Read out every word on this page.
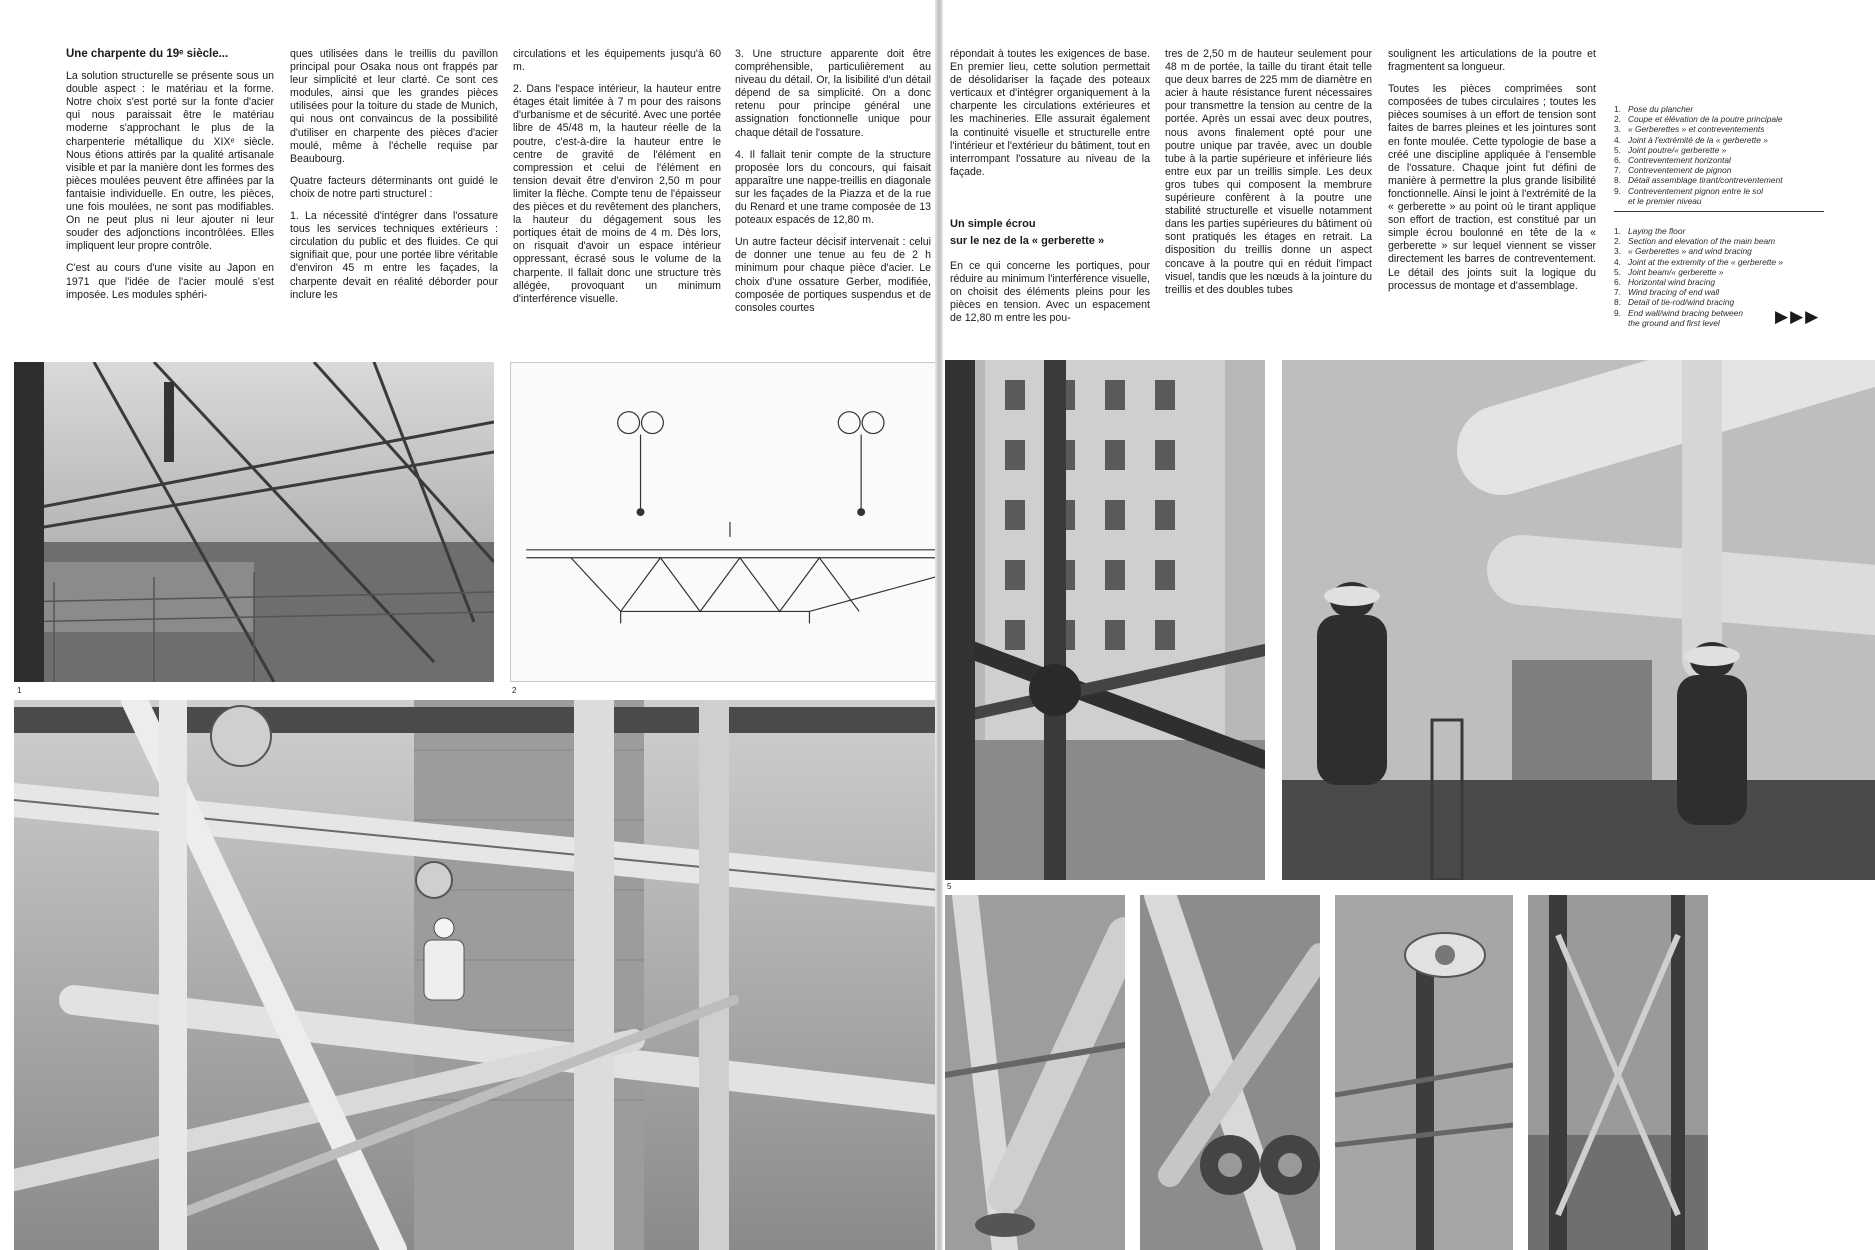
Une charpente du 19ᵉ siècle...

La solution structurelle se présente sous un double aspect : le matériau et la forme. Notre choix s'est porté sur la fonte d'acier qui nous paraissait être le matériau moderne s'approchant le plus de la charpenterie métallique du XIXᵉ siècle. Nous étions attirés par la qualité artisanale visible et par la manière dont les formes des pièces moulées peuvent être affinées par la fantaisie individuelle. En outre, les pièces, une fois moulées, ne sont pas modifiables. On ne peut plus ni leur ajouter ni leur souder des adjonctions incontrôlées. Elles impliquent leur propre contrôle.

C'est au cours d'une visite au Japon en 1971 que l'idée de l'acier moulé s'est imposée. Les modules sphéri-

ques utilisées dans le treillis du pavillon principal pour Osaka nous ont frappés par leur simplicité et leur clarté. Ce sont ces modules, ainsi que les grandes pièces utilisées pour la toiture du stade de Munich, qui nous ont convaincus de la possibilité d'utiliser en charpente des pièces d'acier moulé, même à l'échelle requise par Beaubourg.

Quatre facteurs déterminants ont guidé le choix de notre parti structurel :

1. La nécessité d'intégrer dans l'ossature tous les services techniques extérieurs : circulation du public et des fluides. Ce qui signifiait que, pour une portée libre véritable d'environ 45 m entre les façades, la charpente devait en réalité déborder pour inclure les

circulations et les équipements jusqu'à 60 m.

2. Dans l'espace intérieur, la hauteur entre étages était limitée à 7 m pour des raisons d'urbanisme et de sécurité. Avec une portée libre de 45/48 m, la hauteur réelle de la poutre, c'est-à-dire la hauteur entre le centre de gravité de l'élément en compression et celui de l'élément en tension devait être d'environ 2,50 m pour limiter la flèche. Compte tenu de l'épaisseur des pièces et du revêtement des planchers, la hauteur du dégagement sous les portiques était de moins de 4 m. Dès lors, on risquait d'avoir un espace intérieur oppressant, écrasé sous le volume de la charpente. Il fallait donc une structure très allégée, provoquant un minimum d'interférence visuelle.

3. Une structure apparente doit être compréhensible, particulièrement au niveau du détail. Or, la lisibilité d'un détail dépend de sa simplicité. On a donc retenu pour principe général une assignation fonctionnelle unique pour chaque détail de l'ossature.

4. Il fallait tenir compte de la structure proposée lors du concours, qui faisait apparaître une nappe-treillis en diagonale sur les façades de la Piazza et de la rue du Renard et une trame composée de 13 poteaux espacés de 12,80 m.

Un autre facteur décisif intervenait : celui de donner une tenue au feu de 2 h minimum pour chaque pièce d'acier. Le choix d'une ossature Gerber, modifiée, composée de portiques suspendus et de consoles courtes

1	2

répondait à toutes les exigences de base. En premier lieu, cette solution permettait de désolidariser la façade des poteaux verticaux et d'intégrer organiquement à la charpente les circulations extérieures et les machineries. Elle assurait également la continuité visuelle et structurelle entre l'intérieur et l'extérieur du bâtiment, tout en interrompant l'ossature au niveau de la façade.

Un simple écrou
sur le nez de la « gerberette »

En ce qui concerne les portiques, pour réduire au minimum l'interférence visuelle, on choisit des éléments pleins pour les pièces en tension. Avec un espacement de 12,80 m entre les pou-

tres de 2,50 m de hauteur seulement pour 48 m de portée, la taille du tirant était telle que deux barres de 225 mm de diamètre en acier à haute résistance furent nécessaires pour transmettre la tension au centre de la portée. Après un essai avec deux poutres, nous avons finalement opté pour une poutre unique par travée, avec un double tube à la partie supérieure et inférieure liés entre eux par un treillis simple. Les deux gros tubes qui composent la membrure supérieure confèrent à la poutre une stabilité structurelle et visuelle notamment dans les parties supérieures du bâtiment où sont pratiqués les étages en retrait. La disposition du treillis donne un aspect concave à la poutre qui en réduit l'impact visuel, tandis que les nœuds à la jointure du treillis et des doubles tubes

soulignent les articulations de la poutre et fragmentent sa longueur.

Toutes les pièces comprimées sont composées de tubes circulaires ; toutes les pièces soumises à un effort de tension sont faites de barres pleines et les jointures sont en fonte moulée. Cette typologie de base a créé une discipline appliquée à l'ensemble de l'ossature. Chaque joint fut défini de manière à permettre la plus grande lisibilité fonctionnelle. Ainsi le joint à l'extrémité de la « gerberette » au point où le tirant applique son effort de traction, est constitué par un simple écrou boulonné en tête de la « gerberette » sur lequel viennent se visser directement les barres de contreventement. Le détail des joints suit la logique du processus de montage et d'assemblage.

1. Pose du plancher
2. Coupe et élévation de la poutre principale
3. « Gerberettes » et contreventements
4. Joint à l'extrémité de la « gerberette »
5. Joint poutre/« gerberette »
6. Contreventement horizontal
7. Contreventement de pignon
8. Détail assemblage tirant/contreventement
9. Contreventement pignon entre le sol
et le premier niveau
1. Laying the floor
2. Section and elevation of the main beam
3. « Gerberettes » and wind bracing
4. Joint at the extremity of the « gerberette »
5. Joint beam/« gerberette »
6. Horizontal wind bracing
7. Wind bracing of end wall
8. Detail of tie-rod/wind bracing
9. End wall/wind bracing between
the ground and first level	▶▶▶
5
